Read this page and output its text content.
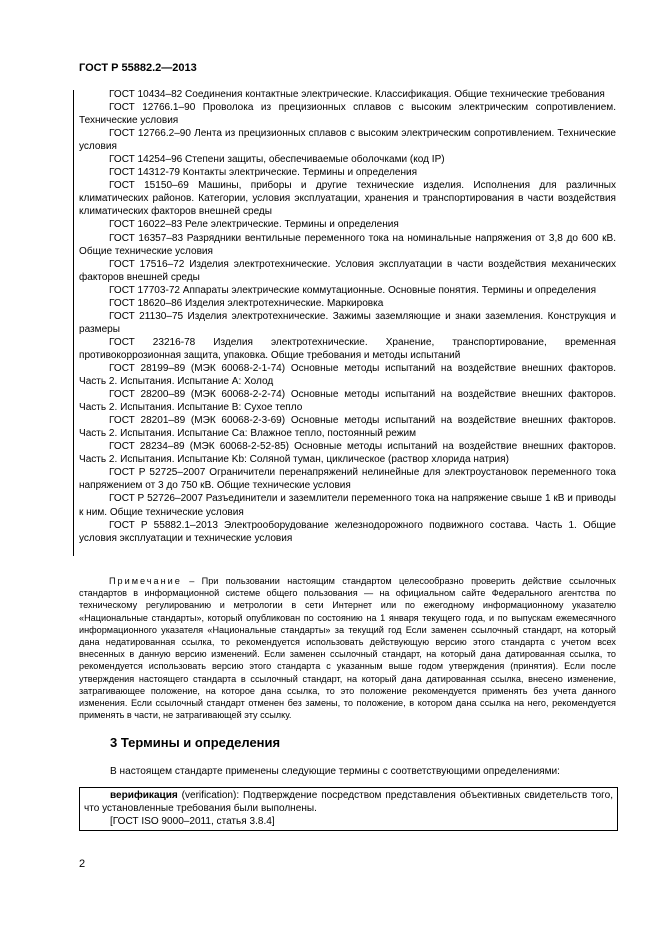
ГОСТ Р 55882.2—2013

ГОСТ 10434–82 Соединения контактные электрические. Классификация. Общие технические требования

ГОСТ 12766.1–90 Проволока из прецизионных сплавов с высоким электрическим сопротивлением. Технические условия

ГОСТ 12766.2–90 Лента из прецизионных сплавов с высоким электрическим сопротивлением. Технические условия

ГОСТ 14254–96 Степени защиты, обеспечиваемые оболочками (код IP)

ГОСТ 14312-79 Контакты электрические. Термины и определения

ГОСТ 15150–69 Машины, приборы и другие технические изделия. Исполнения для различных климатических районов. Категории, условия эксплуатации, хранения и транспортирования в части воздействия климатических факторов внешней среды

ГОСТ 16022–83 Реле электрические. Термины и определения

ГОСТ 16357–83 Разрядники вентильные переменного тока на номинальные напряжения от 3,8 до 600 кВ. Общие технические условия

ГОСТ 17516–72 Изделия электротехнические. Условия эксплуатации в части воздействия механических факторов внешней среды

ГОСТ 17703-72 Аппараты электрические коммутационные. Основные понятия. Термины и определения

ГОСТ 18620–86 Изделия электротехнические. Маркировка

ГОСТ 21130–75 Изделия электротехнические. Зажимы заземляющие и знаки заземления. Конструкция и размеры

ГОСТ 23216-78 Изделия электротехнические. Хранение, транспортирование, временная противокоррозионная защита, упаковка. Общие требования и методы испытаний

ГОСТ 28199–89 (МЭК 60068-2-1-74) Основные методы испытаний на воздействие внешних факторов. Часть 2. Испытания. Испытание А: Холод

ГОСТ 28200–89 (МЭК 60068-2-2-74) Основные методы испытаний на воздействие внешних факторов. Часть 2. Испытания. Испытание В: Сухое тепло

ГОСТ 28201–89 (МЭК 60068-2-3-69) Основные методы испытаний на воздействие внешних факторов. Часть 2. Испытания. Испытание Са: Влажное тепло, постоянный режим

ГОСТ 28234–89 (МЭК 60068-2-52-85) Основные методы испытаний на воздействие внешних факторов. Часть 2. Испытания. Испытание Kb: Соляной туман, циклическое (раствор хлорида натрия)

ГОСТ Р 52725–2007 Ограничители перенапряжений нелинейные для электроустановок переменного тока напряжением от 3 до 750 кВ. Общие технические условия

ГОСТ Р 52726–2007 Разъединители и заземлители переменного тока на напряжение свыше 1 кВ и приводы к ним. Общие технические условия

ГОСТ Р 55882.1–2013 Электрооборудование железнодорожного подвижного состава. Часть 1. Общие условия эксплуатации и технические условия

Примечание – При пользовании настоящим стандартом целесообразно проверить действие ссылочных стандартов в информационной системе общего пользования — на официальном сайте Федерального агентства по техническому регулированию и метрологии в сети Интернет или по ежегодному информационному указателю «Национальные стандарты», который опубликован по состоянию на 1 января текущего года, и по выпускам ежемесячного информационного указателя «Национальные стандарты» за текущий год Если заменен ссылочный стандарт, на который дана недатированная ссылка, то рекомендуется использовать действующую версию этого стандарта с учетом всех внесенных в данную версию изменений. Если заменен ссылочный стандарт, на который дана датированная ссылка, то рекомендуется использовать версию этого стандарта с указанным выше годом утверждения (принятия). Если после утверждения настоящего стандарта в ссылочный стандарт, на который дана датированная ссылка, внесено изменение, затрагивающее положение, на которое дана ссылка, то это положение рекомендуется применять без учета данного изменения. Если ссылочный стандарт отменен без замены, то положение, в котором дана ссылка на него, рекомендуется применять в части, не затрагивающей эту ссылку.

3 Термины и определения
В настоящем стандарте применены следующие термины с соответствующими определениями:

верификация (verification): Подтверждение посредством представления объективных свидетельств того, что установленные требования были выполнены.

[ГОСТ ISO 9000–2011, статья 3.8.4]

2
